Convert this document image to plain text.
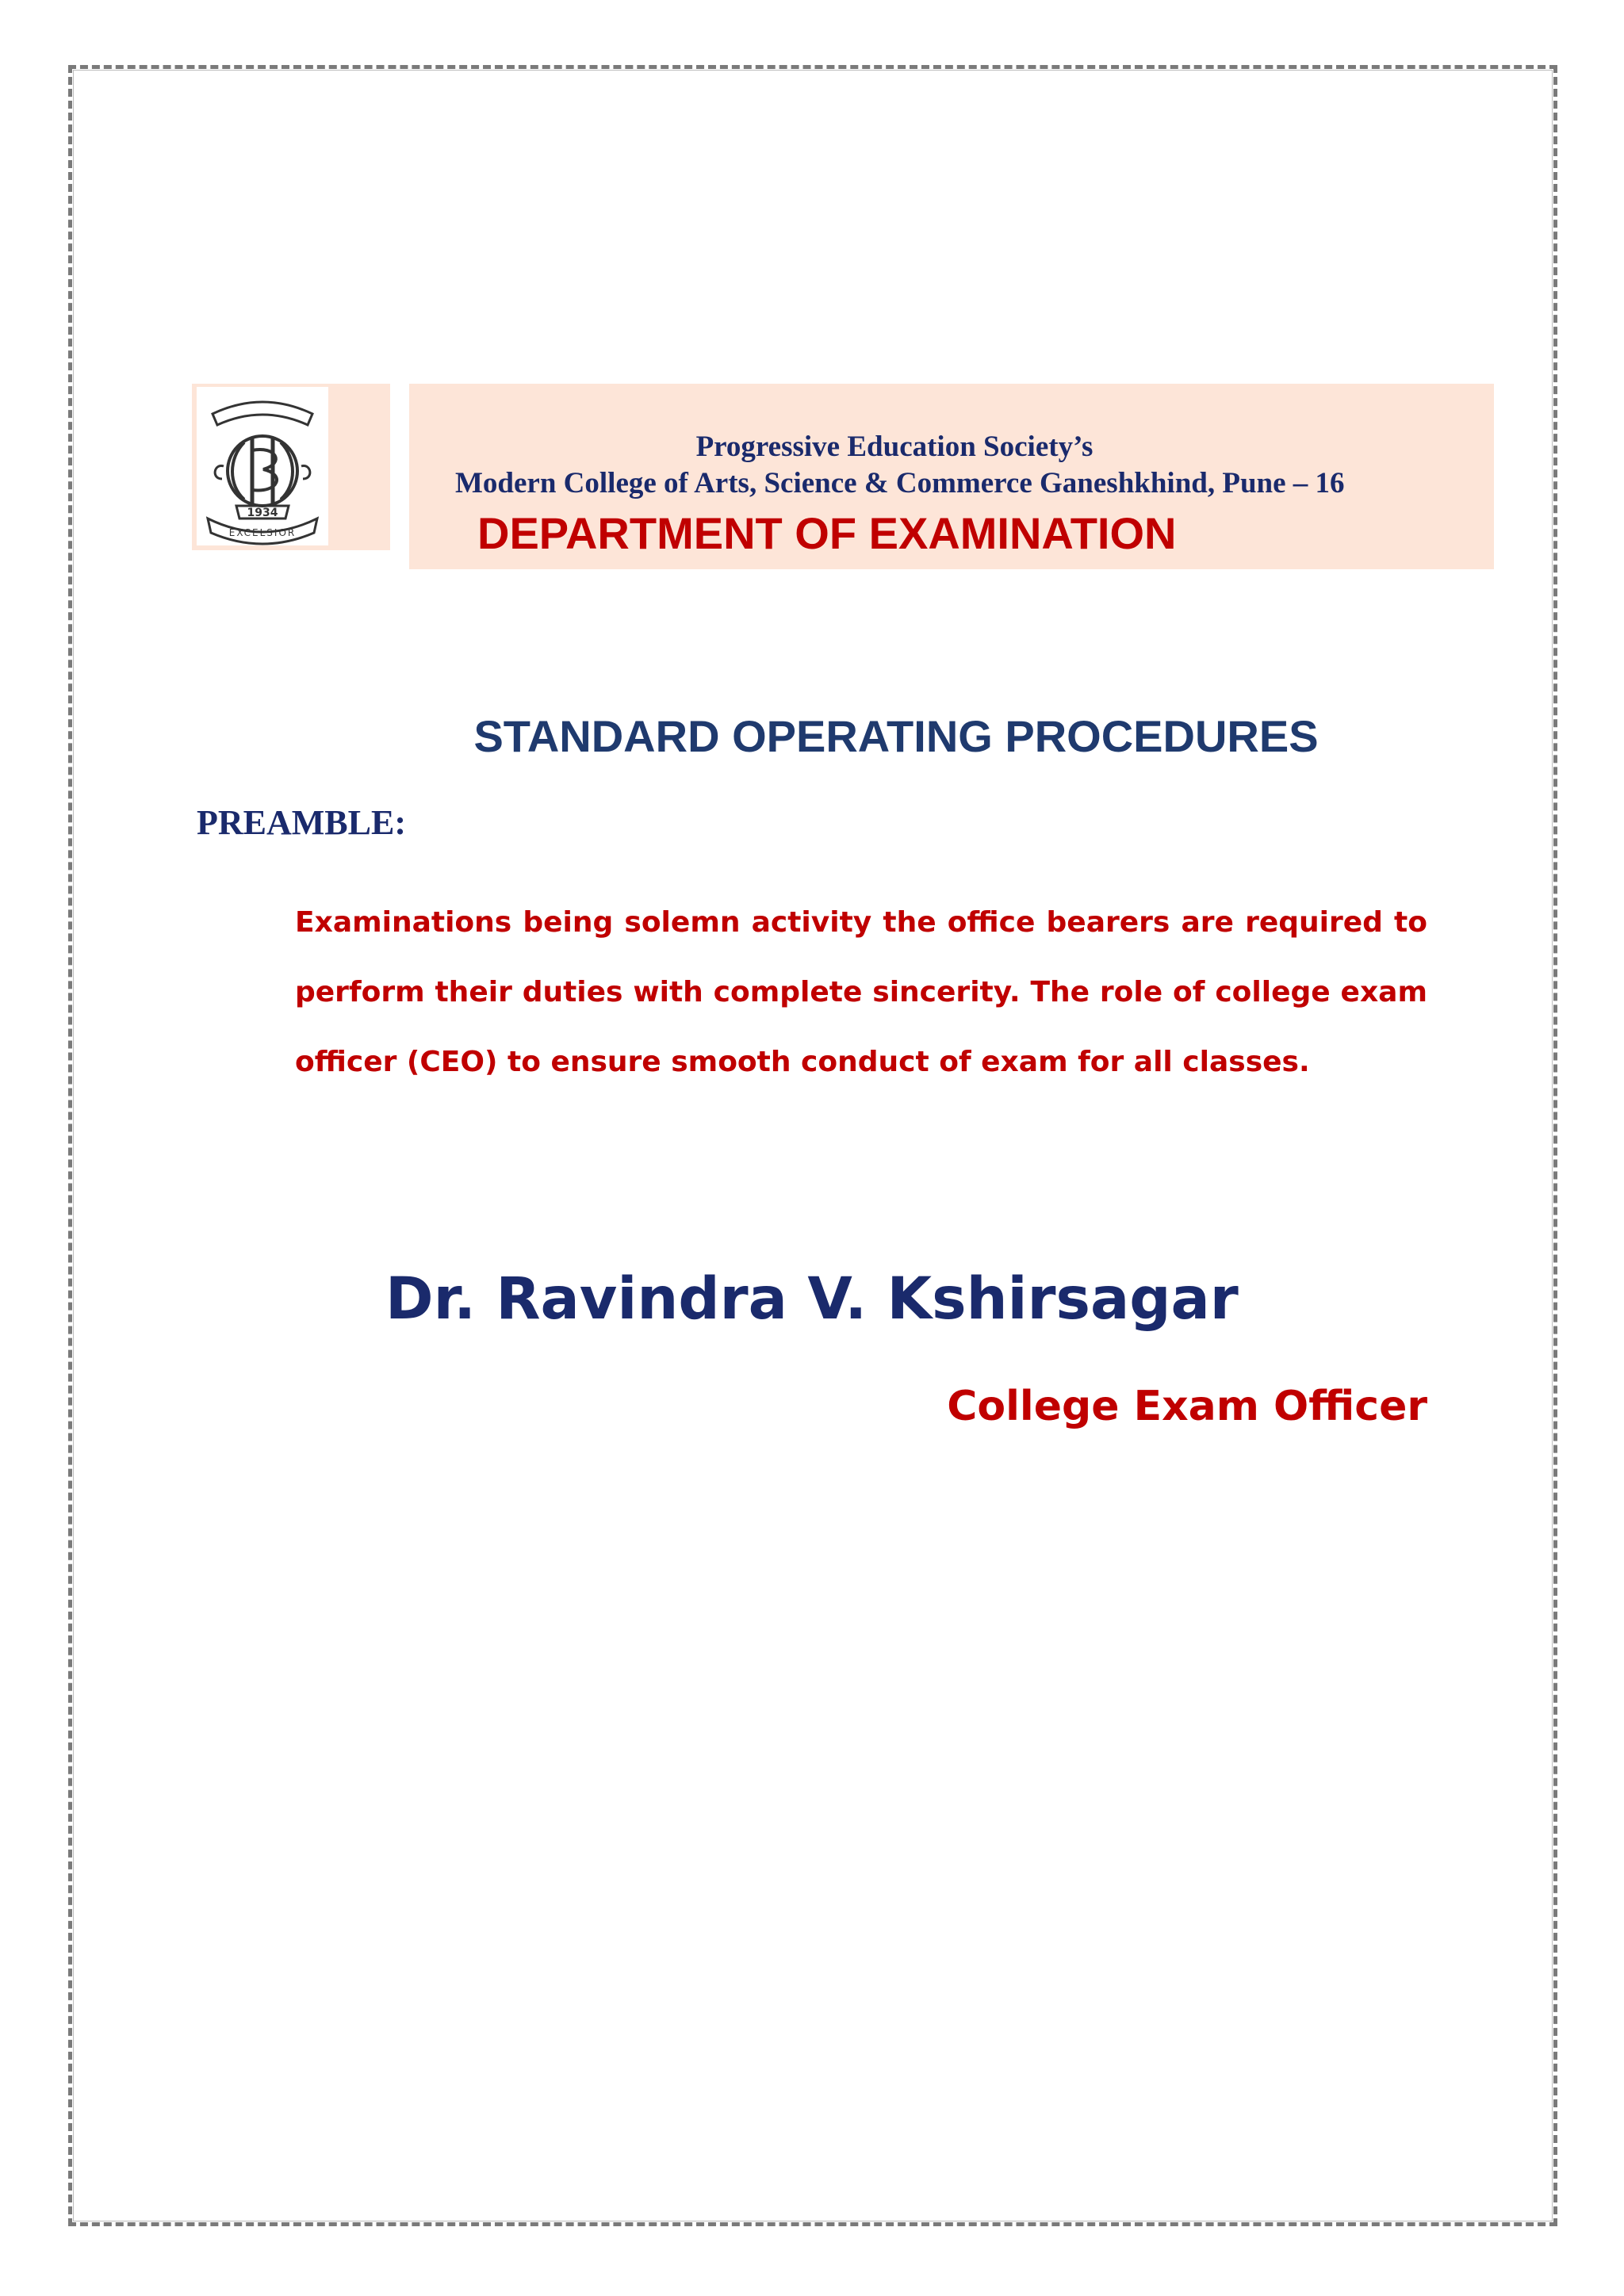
1934
EXCELSIOR
Progressive Education Society’s
Modern College of Arts, Science & Commerce Ganeshkhind, Pune – 16
DEPARTMENT OF EXAMINATION
STANDARD OPERATING PROCEDURES
PREAMBLE:
Examinations being solemn activity the office bearers are required to perform their duties with complete sincerity. The role of college exam officer (CEO) to ensure smooth conduct of exam for all classes.
Dr. Ravindra V. Kshirsagar
College Exam Officer
